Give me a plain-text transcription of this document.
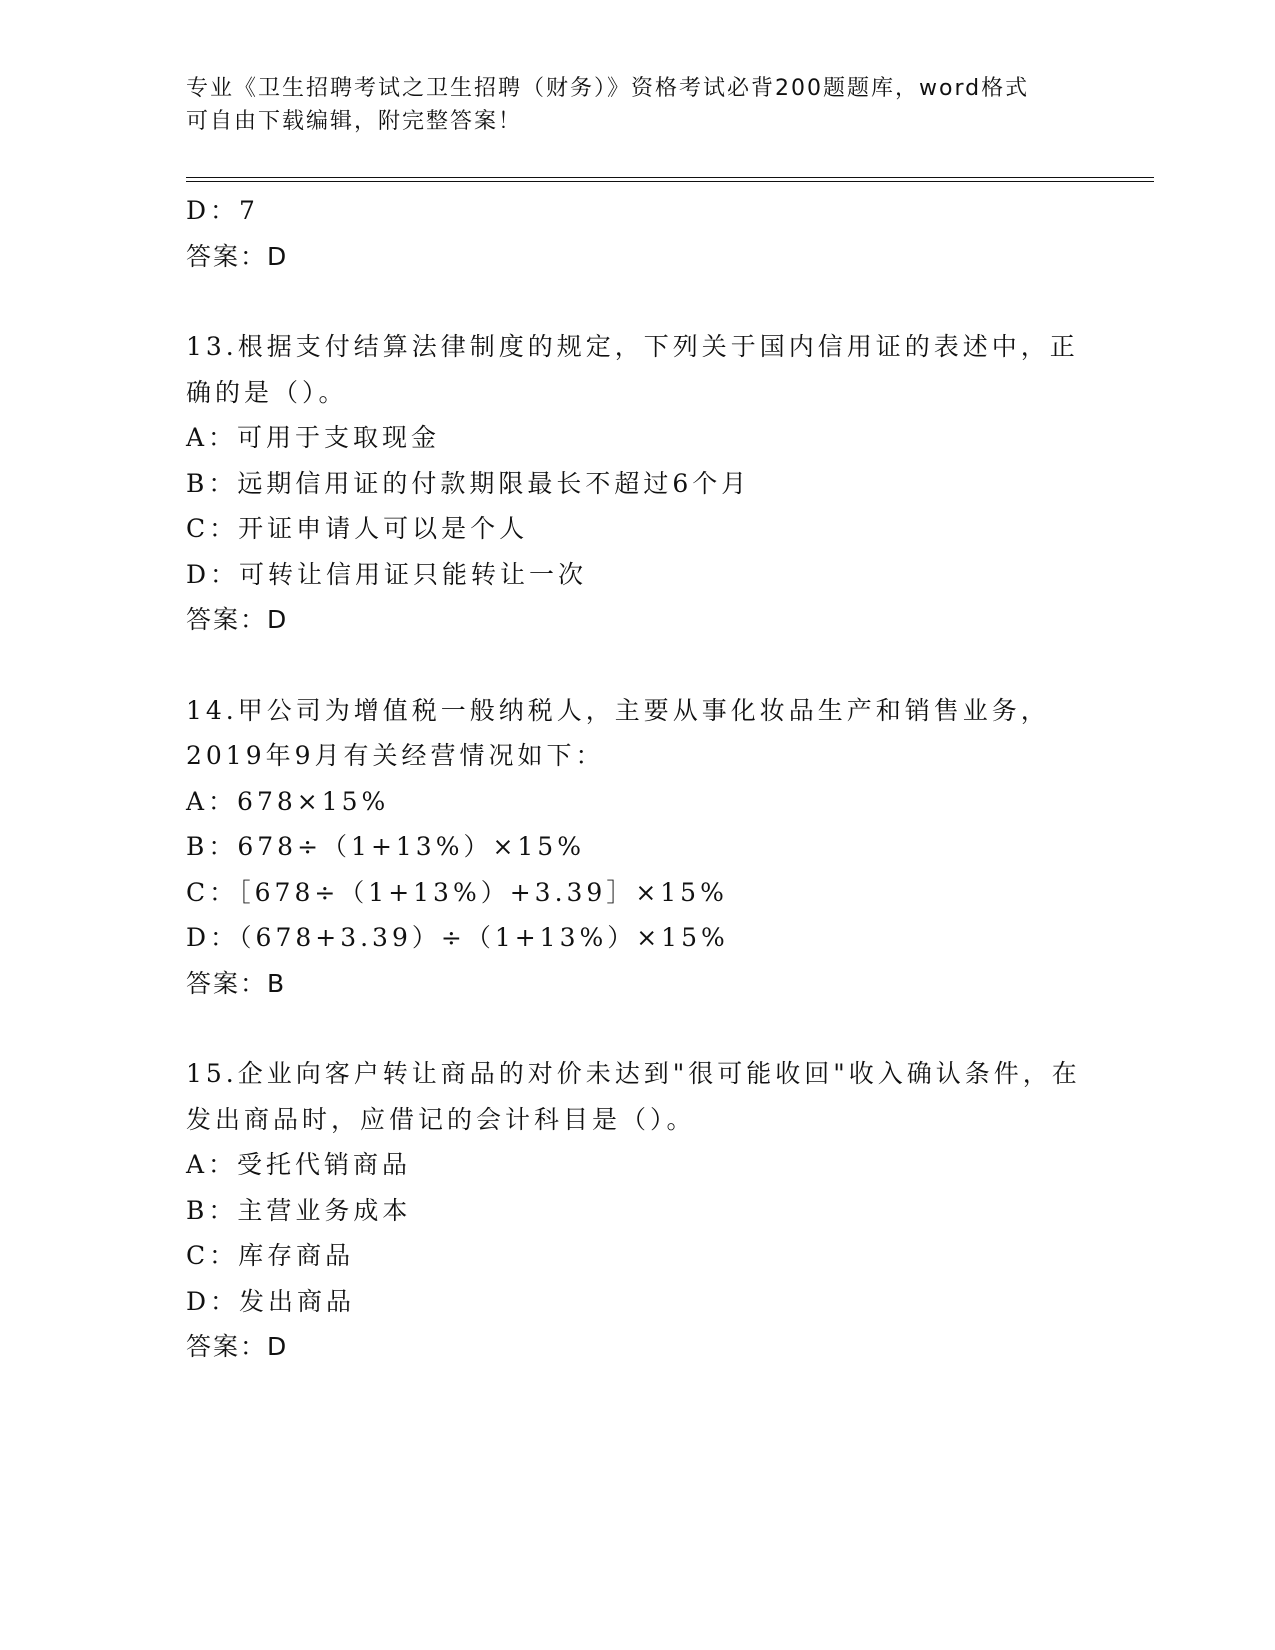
专业《卫生招聘考试之卫生招聘（财务）》资格考试必背200题题库，word格式
可自由下载编辑，附完整答案！
D：7
答案：D
13.根据支付结算法律制度的规定，下列关于国内信用证的表述中，正
确的是（）。
A：可用于支取现金
B：远期信用证的付款期限最长不超过6个月
C：开证申请人可以是个人
D：可转让信用证只能转让一次
答案：D
14.甲公司为增值税一般纳税人，主要从事化妆品生产和销售业务，
2019年9月有关经营情况如下：
A：678×15%
B：678÷（1+13%）×15%
C：［678÷（1+13%）+3.39］×15%
D：（678+3.39）÷（1+13%）×15%
答案：B
15.企业向客户转让商品的对价未达到"很可能收回"收入确认条件，在
发出商品时，应借记的会计科目是（）。
A：受托代销商品
B：主营业务成本
C：库存商品
D：发出商品
答案：D
